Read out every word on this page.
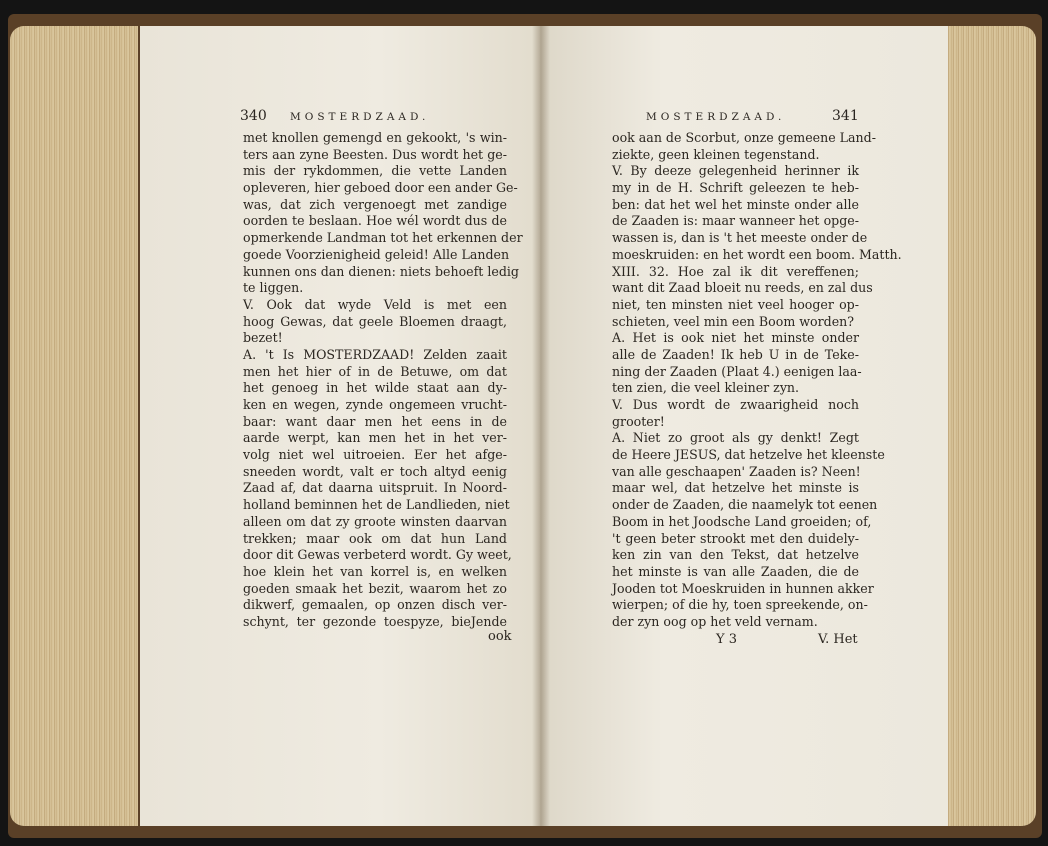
340 MOSTERDZAAD.	MOSTERDZAAD.	341
met knollen gemengd en gekookt, 's win-
ters aan zyne Beesten. Dus wordt het ge-
mis der rykdommen, die vette Landen
opleveren, hier geboed door een ander Ge-
was, dat zich vergenoegt met zandige
oorden te beslaan. Hoe wél wordt dus de
opmerkende Landman tot het erkennen der
goede Voorzienigheid geleid! Alle Landen
kunnen ons dan dienen: niets behoeft ledig
te liggen.
V. Ook dat wyde Veld is met een
hoog Gewas, dat geele Bloemen draagt,
bezet!
A. 't Is MOSTERDZAAD! Zelden zaait
men het hier of in de Betuwe, om dat
het genoeg in het wilde staat aan dy-
ken en wegen, zynde ongemeen vrucht-
baar: want daar men het eens in de
aarde werpt, kan men het in het ver-
volg niet wel uitroeien. Eer het afge-
sneeden wordt, valt er toch altyd eenig
Zaad af, dat daarna uitspruit. In Noord-
holland beminnen het de Landlieden, niet
alleen om dat zy groote winsten daarvan
trekken; maar ook om dat hun Land
door dit Gewas verbeterd wordt. Gy weet,
hoe klein het van korrel is, en welken
goeden smaak het bezit, waarom het zo
dikwerf, gemaalen, op onzen disch ver-
schynt, ter gezonde toespyze, bieJende
ook
ook aan de Scorbut, onze gemeene Land-
ziekte, geen kleinen tegenstand.
V. By deeze gelegenheid herinner ik
my in de H. Schrift geleezen te heb-
ben: dat het wel het minste onder alle
de Zaaden is: maar wanneer het opge-
wassen is, dan is 't het meeste onder de
moeskruiden: en het wordt een boom. Matth.
XIII. 32. Hoe zal ik dit vereffenen;
want dit Zaad bloeit nu reeds, en zal dus
niet, ten minsten niet veel hooger op-
schieten, veel min een Boom worden?
A. Het is ook niet het minste onder
alle de Zaaden! Ik heb U in de Teke-
ning der Zaaden (Plaat 4.) eenigen laa-
ten zien, die veel kleiner zyn.
V. Dus wordt de zwaarigheid noch
grooter!
A. Niet zo groot als gy denkt! Zegt
de Heere JESUS, dat hetzelve het kleenste
van alle geschaapen' Zaaden is? Neen!
maar wel, dat hetzelve het minste is
onder de Zaaden, die naamelyk tot eenen
Boom in het Joodsche Land groeiden; of,
't geen beter strookt met den duidely-
ken zin van den Tekst, dat hetzelve
het minste is van alle Zaaden, die de
Jooden tot Moeskruiden in hunnen akker
wierpen; of die hy, toen spreekende, on-
der zyn oog op het veld vernam.
Y 3	V. Het
